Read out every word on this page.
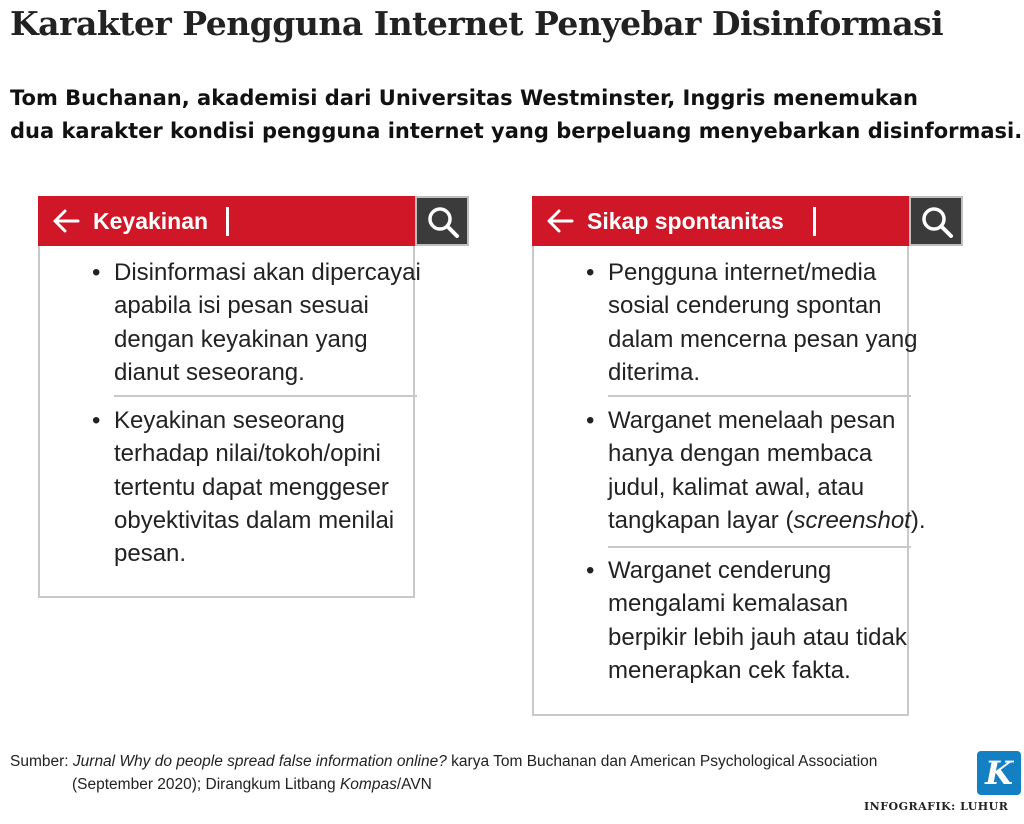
Karakter Pengguna Internet Penyebar Disinformasi
Tom Buchanan, akademisi dari Universitas Westminster, Inggris menemukan
dua karakter kondisi pengguna internet yang berpeluang menyebarkan disinformasi.
Keyakinan
• Disinformasi akan dipercayai
apabila isi pesan sesuai
dengan keyakinan yang
dianut seseorang.
• Keyakinan seseorang
terhadap nilai/tokoh/opini
tertentu dapat menggeser
obyektivitas dalam menilai
pesan.
Sikap spontanitas
• Pengguna internet/media
sosial cenderung spontan
dalam mencerna pesan yang
diterima.
• Warganet menelaah pesan
hanya dengan membaca
judul, kalimat awal, atau
tangkapan layar (screenshot).
• Warganet cenderung
mengalami kemalasan
berpikir lebih jauh atau tidak
menerapkan cek fakta.
Sumber: Jurnal Why do people spread false information online? karya Tom Buchanan dan American Psychological Association
(September 2020); Dirangkum Litbang Kompas/AVN	K
INFOGRAFIK: LUHUR
